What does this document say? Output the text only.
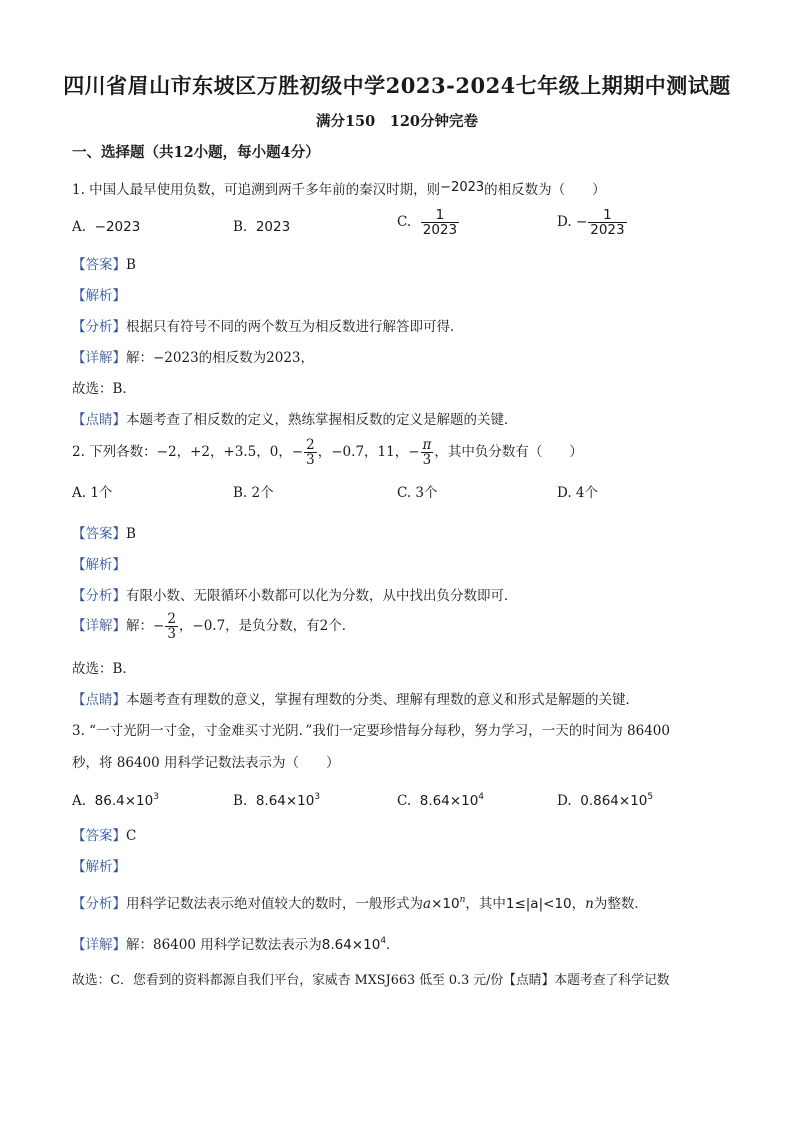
四川省眉山市东坡区万胜初级中学2023-2024七年级上期期中测试题
满分150　120分钟完卷
一、选择题（共12小题，每小题4分）
1. 中国人最早使用负数，可追溯到两千多年前的秦汉时期，则−2023的相反数为（　　）
A. −2023	B. 2023	C. $\frac{1}{2023}$	D. − $\frac{1}{2023}$
【答案】B
【解析】
【分析】根据只有符号不同的两个数互为相反数进行解答即可得．
【详解】解：−2023的相反数为2023，
故选：B．
【点睛】本题考查了相反数的定义，熟练掌握相反数的定义是解题的关键．
2. 下列各数：−2，+2，+3.5，0，− $\frac{2}{3}$ ，−0.7，11，− $\frac{\pi}{3}$ ，其中负分数有（　　）
A. 1个	B. 2个	C. 3个	D. 4个
【答案】B
【解析】
【分析】有限小数、无限循环小数都可以化为分数，从中找出负分数即可．
【详解】解：− $\frac{2}{3}$ ，−0.7，是负分数，有2个．
故选：B．
【点睛】本题考查有理数的意义，掌握有理数的分类、理解有理数的意义和形式是解题的关键．
3. “一寸光阴一寸金，寸金难买寸光阴．”我们一定要珍惜每分每秒，努力学习，一天的时间为 86400
秒，将 86400 用科学记数法表示为（　　）
A. $86.4\times 10^3$	B. $8.64\times 10^3$	C. $8.64\times 10^4$	D. $0.864\times 10^5$
【答案】C
【解析】
【分析】用科学记数法表示绝对值较大的数时，一般形式为$a\times 10^n$，其中1≤|a|<10，n为整数．
【详解】解：86400 用科学记数法表示为$8.64\times 10^4$．
故选：C．您看到的资料都源自我们平台，家威杏 MXSJ663 低至 0.3 元/份【点睛】本题考查了科学记数
